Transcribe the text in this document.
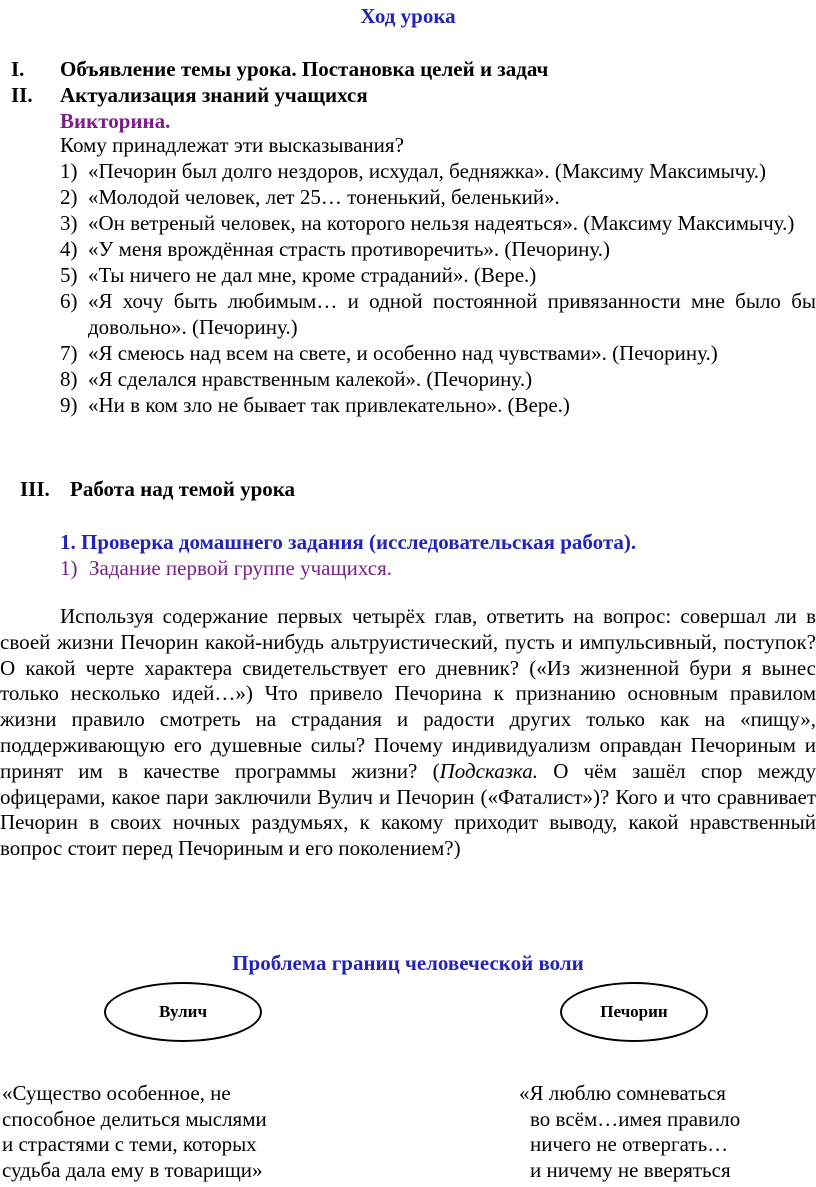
Ход урока
I. Объявление темы урока. Постановка целей и задач
II. Актуализация знаний учащихся
Викторина.
Кому принадлежат эти высказывания?
1) «Печорин был долго нездоров, исхудал, бедняжка». (Максиму Максимычу.)
2) «Молодой человек, лет 25… тоненький, беленький».
3) «Он ветреный человек, на которого нельзя надеяться». (Максиму Максимычу.)
4) «У меня врождённая страсть противоречить». (Печорину.)
5) «Ты ничего не дал мне, кроме страданий». (Вере.)
6) «Я хочу быть любимым… и одной постоянной привязанности мне было бы довольно». (Печорину.)
7) «Я смеюсь над всем на свете, и особенно над чувствами». (Печорину.)
8) «Я сделался нравственным калекой». (Печорину.)
9) «Ни в ком зло не бывает так привлекательно». (Вере.)
III. Работа над темой урока
1. Проверка домашнего задания (исследовательская работа).
1) Задание первой группе учащихся.
Используя содержание первых четырёх глав, ответить на вопрос: совершал ли в своей жизни Печорин какой-нибудь альтруистический, пусть и импульсивный, поступок? О какой черте характера свидетельствует его дневник? («Из жизненной бури я вынес только несколько идей…») Что привело Печорина к признанию основным правилом жизни правило смотреть на страдания и радости других только как на «пищу», поддерживающую его душевные силы? Почему индивидуализм оправдан Печориным и принят им в качестве программы жизни? (Подсказка. О чём зашёл спор между офицерами, какое пари заключили Вулич и Печорин («Фаталист»)? Кого и что сравнивает Печорин в своих ночных раздумьях, к какому приходит выводу, какой нравственный вопрос стоит перед Печориным и его поколением?)
Проблема границ человеческой воли
Вулич	Печорин
«Существо особенное, не
способное делиться мыслями
и страстями с теми, которых
судьба дала ему в товарищи»
«Я люблю сомневаться
во всём…имея правило
ничего не отвергать…
и ничему не вверяться
